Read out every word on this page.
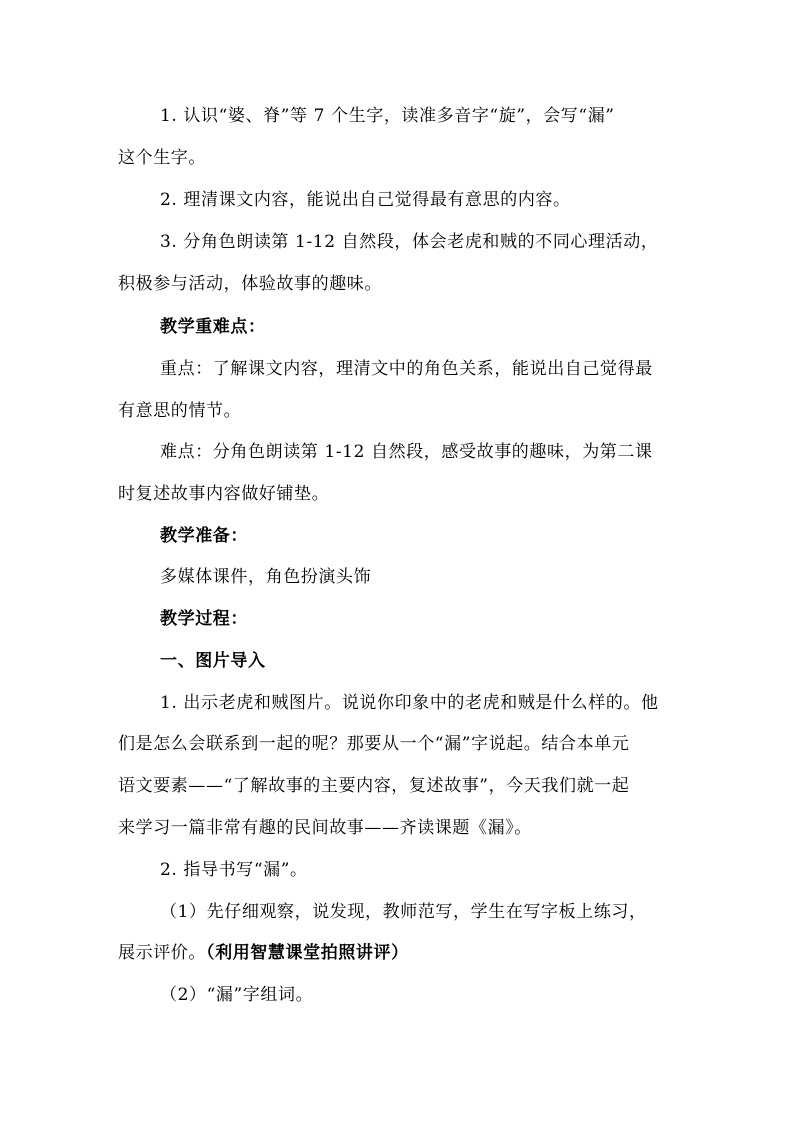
1. 认识“婆、脊”等 7 个生字，读准多音字“旋”，会写“漏”
这个生字。
2. 理清课文内容，能说出自己觉得最有意思的内容。
3. 分角色朗读第 1-12 自然段，体会老虎和贼的不同心理活动，
积极参与活动，体验故事的趣味。
教学重难点：
重点：了解课文内容，理清文中的角色关系，能说出自己觉得最
有意思的情节。
难点：分角色朗读第 1-12 自然段，感受故事的趣味，为第二课
时复述故事内容做好铺垫。
教学准备：
多媒体课件，角色扮演头饰
教学过程：
一、图片导入
1. 出示老虎和贼图片。说说你印象中的老虎和贼是什么样的。他
们是怎么会联系到一起的呢？那要从一个“漏”字说起。结合本单元
语文要素——“了解故事的主要内容，复述故事”，今天我们就一起
来学习一篇非常有趣的民间故事——齐读课题《漏》。
2. 指导书写“漏”。
（1）先仔细观察，说发现，教师范写，学生在写字板上练习，
展示评价。（利用智慧课堂拍照讲评）
（2）“漏”字组词。
